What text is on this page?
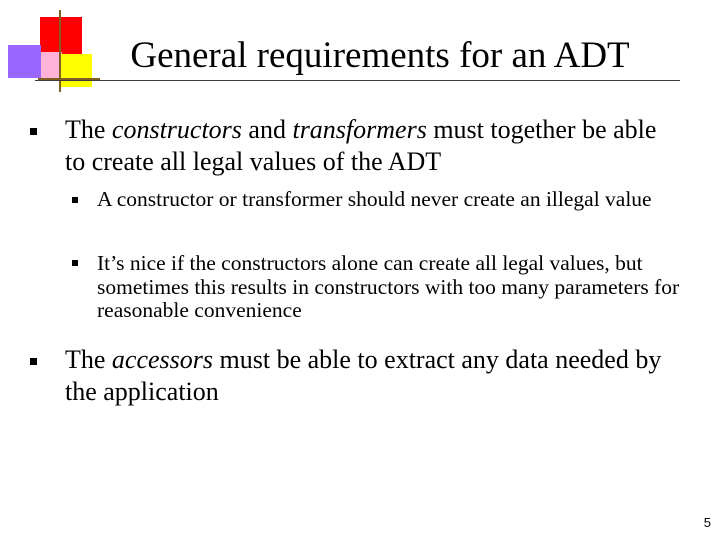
General requirements for an ADT
The constructors and transformers must together be able to create all legal values of the ADT
A constructor or transformer should never create an illegal value
It’s nice if the constructors alone can create all legal values, but sometimes this results in constructors with too many parameters for reasonable convenience
The accessors must be able to extract any data needed by the application
5
